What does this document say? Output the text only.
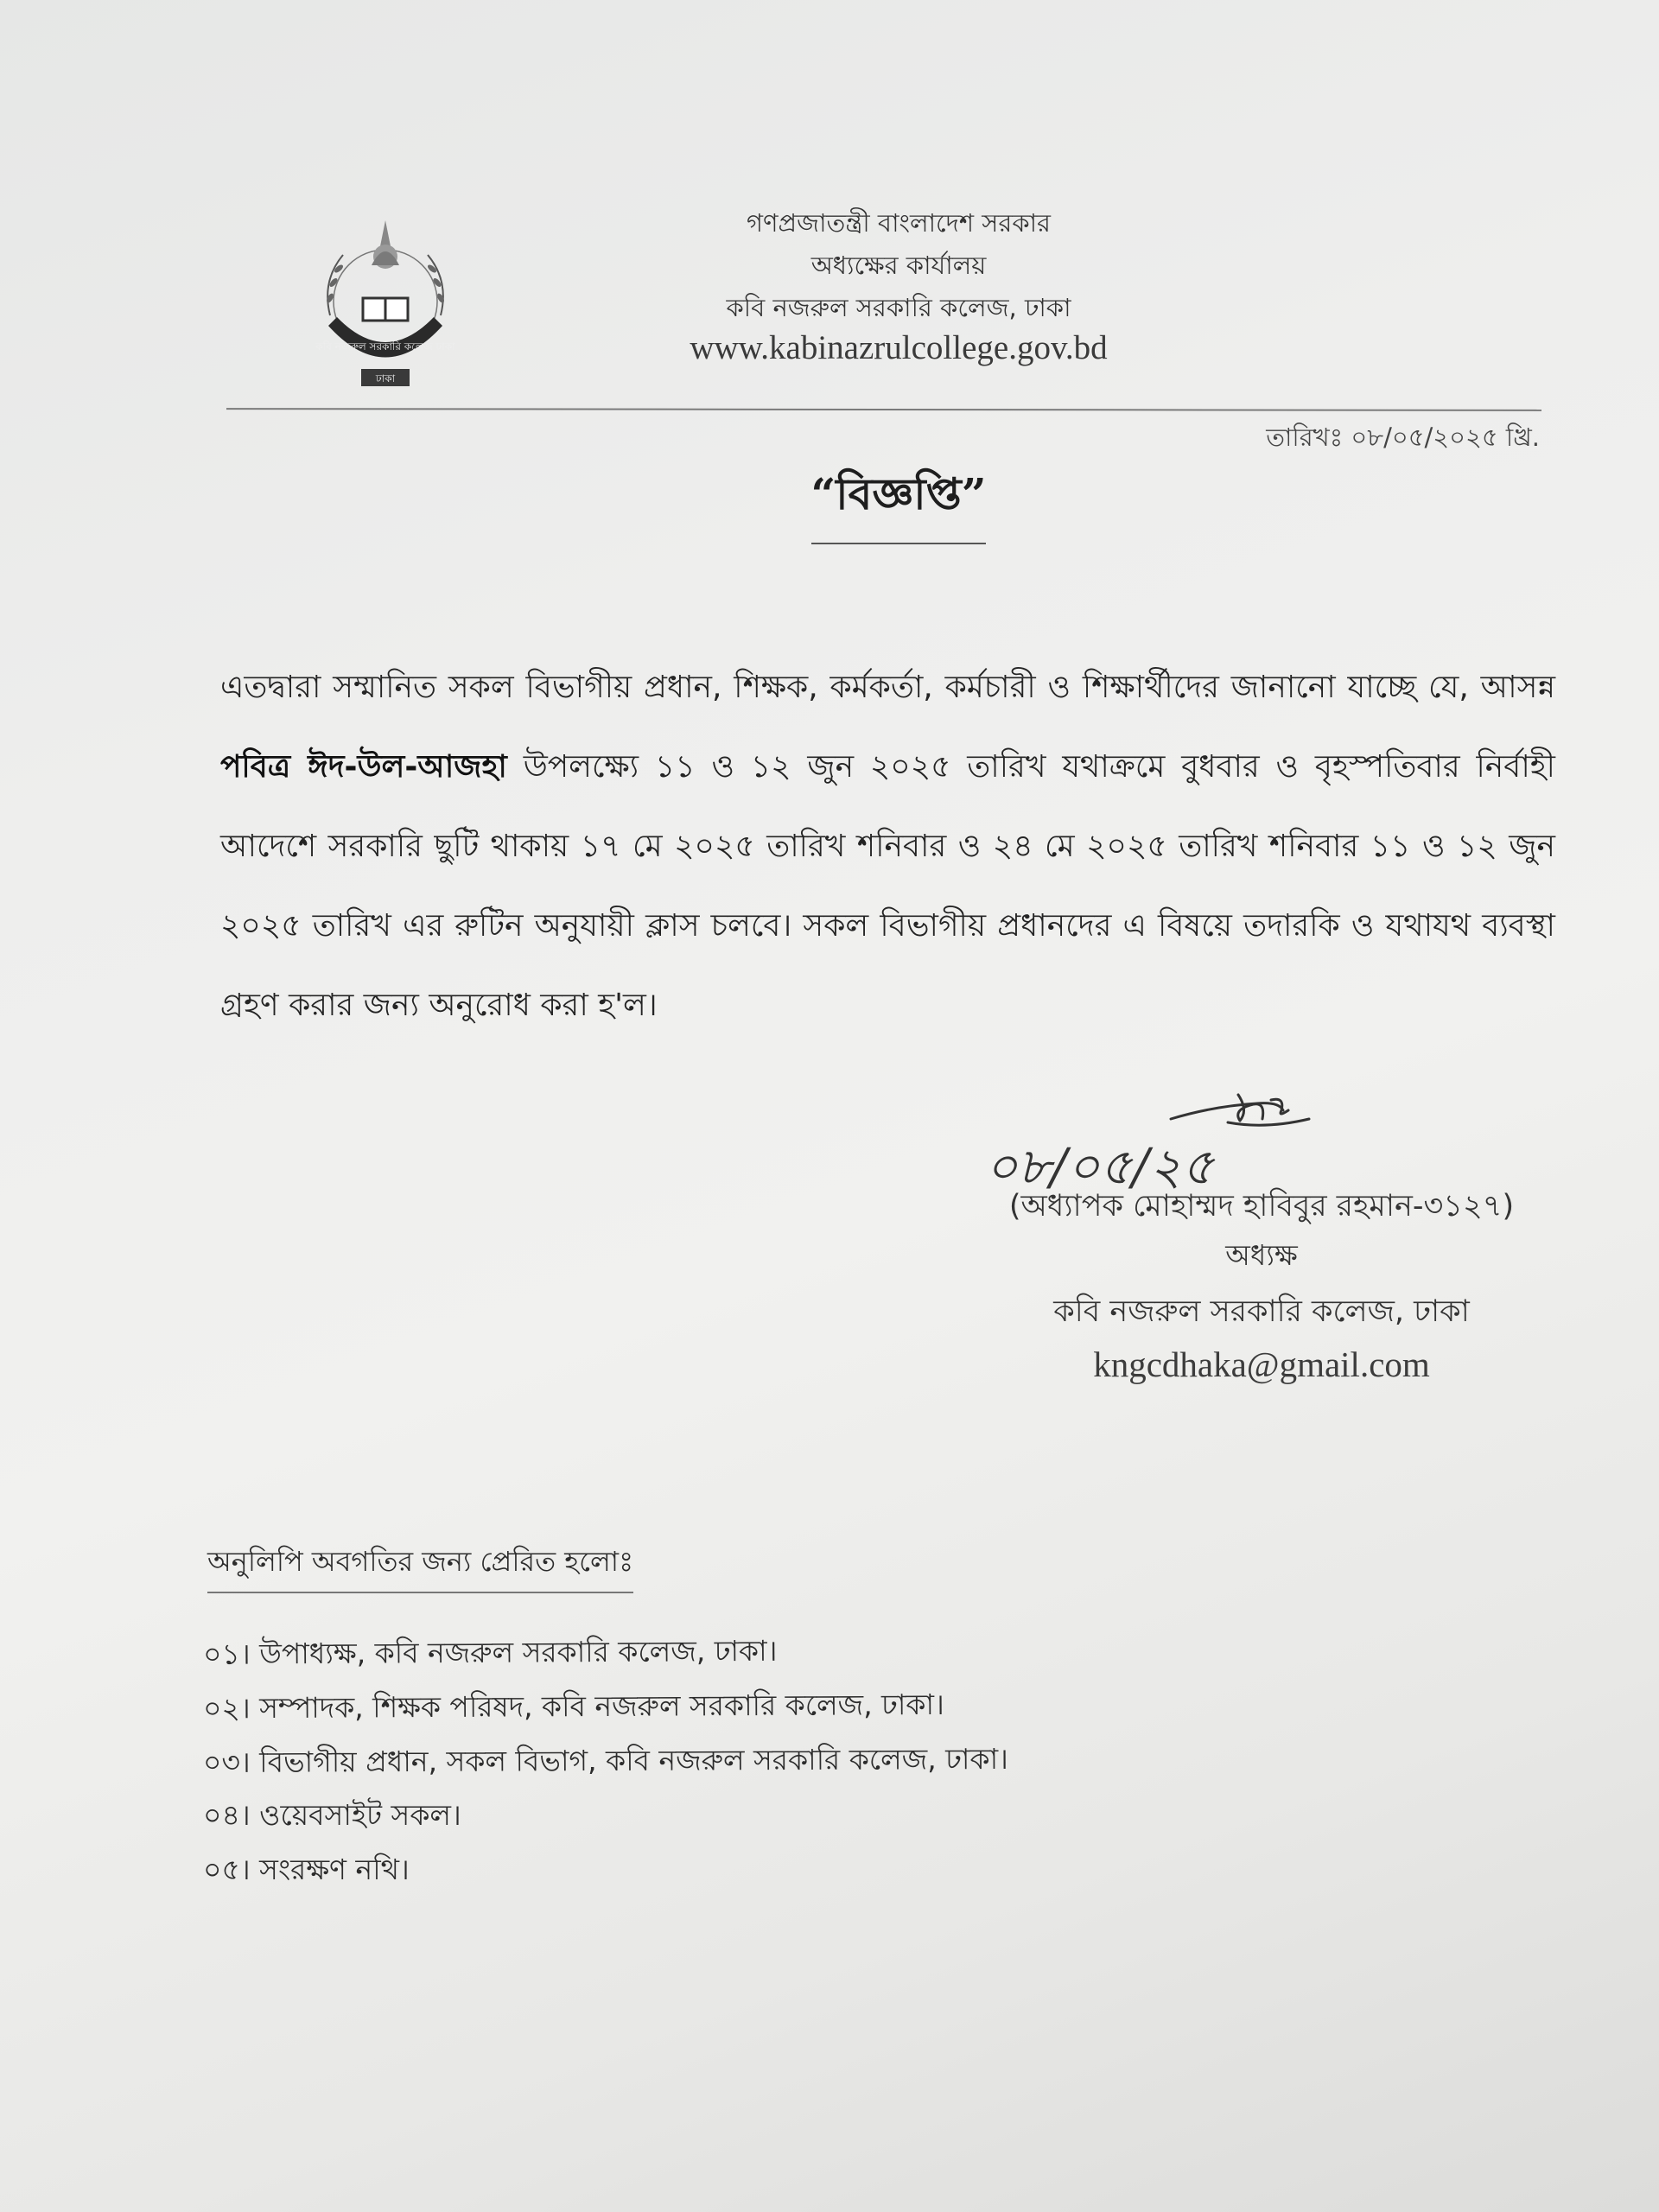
কবি নজরুল সরকারি কলেজ ঢাকা
ঢাকা
গণপ্রজাতন্ত্রী বাংলাদেশ সরকার
অধ্যক্ষের কার্যালয়
কবি নজরুল সরকারি কলেজ, ঢাকা
www.kabinazrulcollege.gov.bd
তারিখঃ ০৮/০৫/২০২৫ খ্রি.
“বিজ্ঞপ্তি”

এতদ্বারা সম্মানিত সকল বিভাগীয় প্রধান, শিক্ষক, কর্মকর্তা, কর্মচারী ও শিক্ষার্থীদের জানানো যাচ্ছে যে, আসন্ন পবিত্র ঈদ-উল-আজহা উপলক্ষ্যে ১১ ও ১২ জুন ২০২৫ তারিখ যথাক্রমে বুধবার ও বৃহস্পতিবার নির্বাহী আদেশে সরকারি ছুটি থাকায় ১৭ মে ২০২৫ তারিখ শনিবার ও ২৪ মে ২০২৫ তারিখ শনিবার ১১ ও ১২ জুন ২০২৫ তারিখ এর রুটিন অনুযায়ী ক্লাস চলবে। সকল বিভাগীয় প্রধানদের এ বিষয়ে তদারকি ও যথাযথ ব্যবস্থা গ্রহণ করার জন্য অনুরোধ করা হ'ল।

০৮/০৫/২৫
(অধ্যাপক মোহাম্মদ হাবিবুর রহমান-৩১২৭)
অধ্যক্ষ
কবি নজরুল সরকারি কলেজ, ঢাকা
kngcdhaka@gmail.com
অনুলিপি অবগতির জন্য প্রেরিত হলোঃ
০১। উপাধ্যক্ষ, কবি নজরুল সরকারি কলেজ, ঢাকা।
০২। সম্পাদক, শিক্ষক পরিষদ, কবি নজরুল সরকারি কলেজ, ঢাকা।
০৩। বিভাগীয় প্রধান, সকল বিভাগ, কবি নজরুল সরকারি কলেজ, ঢাকা।
০৪। ওয়েবসাইট সকল।
০৫। সংরক্ষণ নথি।
